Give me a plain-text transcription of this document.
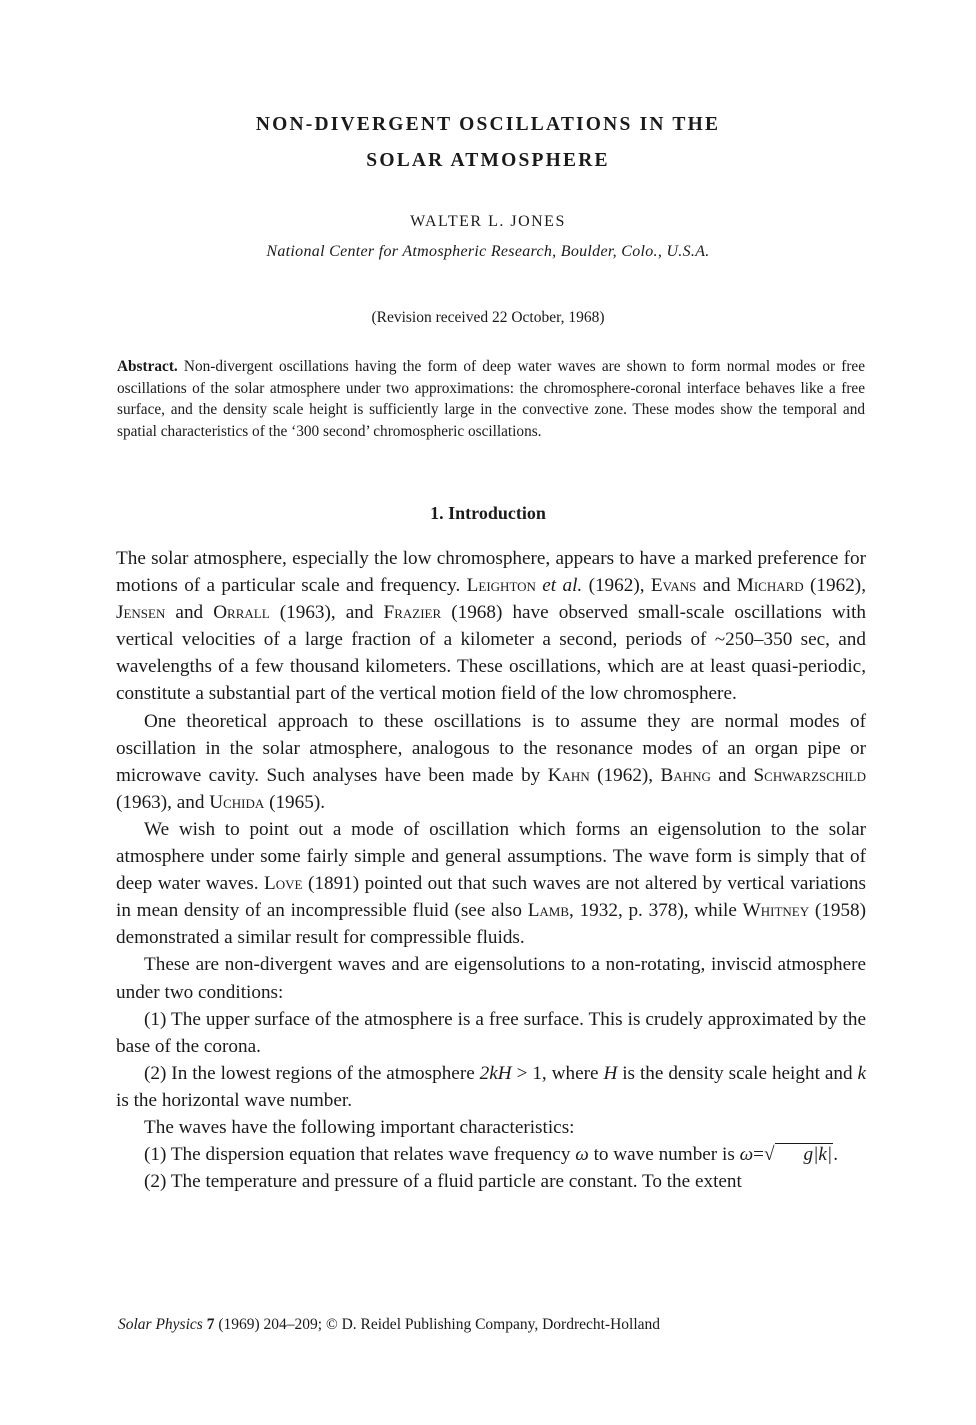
NON-DIVERGENT OSCILLATIONS IN THE
SOLAR ATMOSPHERE
WALTER L. JONES
National Center for Atmospheric Research, Boulder, Colo., U.S.A.
(Revision received 22 October, 1968)
Abstract. Non-divergent oscillations having the form of deep water waves are shown to form normal modes or free oscillations of the solar atmosphere under two approximations: the chromosphere-coronal interface behaves like a free surface, and the density scale height is sufficiently large in the convective zone. These modes show the temporal and spatial characteristics of the ‘300 second’ chromospheric oscillations.
1. Introduction

The solar atmosphere, especially the low chromosphere, appears to have a marked preference for motions of a particular scale and frequency. Leighton et al. (1962), Evans and Michard (1962), Jensen and Orrall (1963), and Frazier (1968) have observed small-scale oscillations with vertical velocities of a large fraction of a kilometer a second, periods of ~250–350 sec, and wavelengths of a few thousand kilometers. These oscillations, which are at least quasi-periodic, constitute a substantial part of the vertical motion field of the low chromosphere.

One theoretical approach to these oscillations is to assume they are normal modes of oscillation in the solar atmosphere, analogous to the resonance modes of an organ pipe or microwave cavity. Such analyses have been made by Kahn (1962), Bahng and Schwarzschild (1963), and Uchida (1965).

We wish to point out a mode of oscillation which forms an eigensolution to the solar atmosphere under some fairly simple and general assumptions. The wave form is simply that of deep water waves. Love (1891) pointed out that such waves are not altered by vertical variations in mean density of an incompressible fluid (see also Lamb, 1932, p. 378), while Whitney (1958) demonstrated a similar result for compressible fluids.

These are non-divergent waves and are eigensolutions to a non-rotating, inviscid atmosphere under two conditions:

(1) The upper surface of the atmosphere is a free surface. This is crudely approximated by the base of the corona.

(2) In the lowest regions of the atmosphere 2kH > 1, where H is the density scale height and k is the horizontal wave number.

The waves have the following important characteristics:

(1) The dispersion equation that relates wave frequency ω to wave number is ω=√ g|k|.

(2) The temperature and pressure of a fluid particle are constant. To the extent

Solar Physics 7 (1969) 204–209; © D. Reidel Publishing Company, Dordrecht-Holland
